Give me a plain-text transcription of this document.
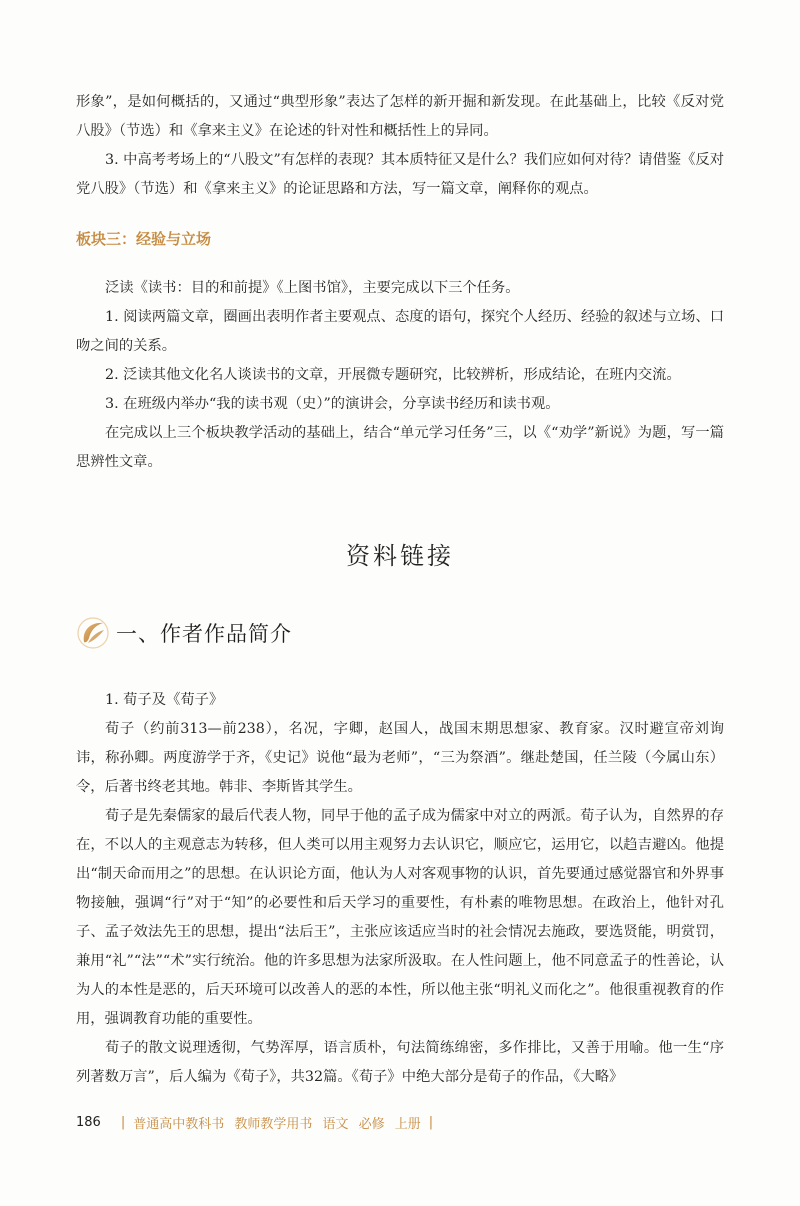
形象”，是如何概括的，又通过“典型形象”表达了怎样的新开掘和新发现。在此基础上，比较《反对党八股》（节选）和《拿来主义》在论述的针对性和概括性上的异同。

3. 中高考考场上的“八股文”有怎样的表现？其本质特征又是什么？我们应如何对待？请借鉴《反对党八股》（节选）和《拿来主义》的论证思路和方法，写一篇文章，阐释你的观点。

板块三：经验与立场

泛读《读书：目的和前提》《上图书馆》，主要完成以下三个任务。

1. 阅读两篇文章，圈画出表明作者主要观点、态度的语句，探究个人经历、经验的叙述与立场、口吻之间的关系。

2. 泛读其他文化名人谈读书的文章，开展微专题研究，比较辨析，形成结论，在班内交流。

3. 在班级内举办“我的读书观（史）”的演讲会，分享读书经历和读书观。

在完成以上三个板块教学活动的基础上，结合“单元学习任务”三，以《“劝学”新说》为题，写一篇思辨性文章。

资料链接
一、作者作品简介

1. 荀子及《荀子》

荀子（约前313—前238），名况，字卿，赵国人，战国末期思想家、教育家。汉时避宣帝刘询讳，称孙卿。两度游学于齐，《史记》说他“最为老师”，“三为祭酒”。继赴楚国，任兰陵（今属山东）令，后著书终老其地。韩非、李斯皆其学生。

荀子是先秦儒家的最后代表人物，同早于他的孟子成为儒家中对立的两派。荀子认为，自然界的存在，不以人的主观意志为转移，但人类可以用主观努力去认识它，顺应它，运用它，以趋吉避凶。他提出“制天命而用之”的思想。在认识论方面，他认为人对客观事物的认识，首先要通过感觉器官和外界事物接触，强调“行”对于“知”的必要性和后天学习的重要性，有朴素的唯物思想。在政治上，他针对孔子、孟子效法先王的思想，提出“法后王”，主张应该适应当时的社会情况去施政，要选贤能，明赏罚，兼用“礼”“法”“术”实行统治。他的许多思想为法家所汲取。在人性问题上，他不同意孟子的性善论，认为人的本性是恶的，后天环境可以改善人的恶的本性，所以他主张“明礼义而化之”。他很重视教育的作用，强调教育功能的重要性。

荀子的散文说理透彻，气势浑厚，语言质朴，句法简练绵密，多作排比，又善于用喻。他一生“序列著数万言”，后人编为《荀子》，共32篇。《荀子》中绝大部分是荀子的作品，《大略》

186 | 普通高中教科书 教师教学用书 语文 必修 上册 |
